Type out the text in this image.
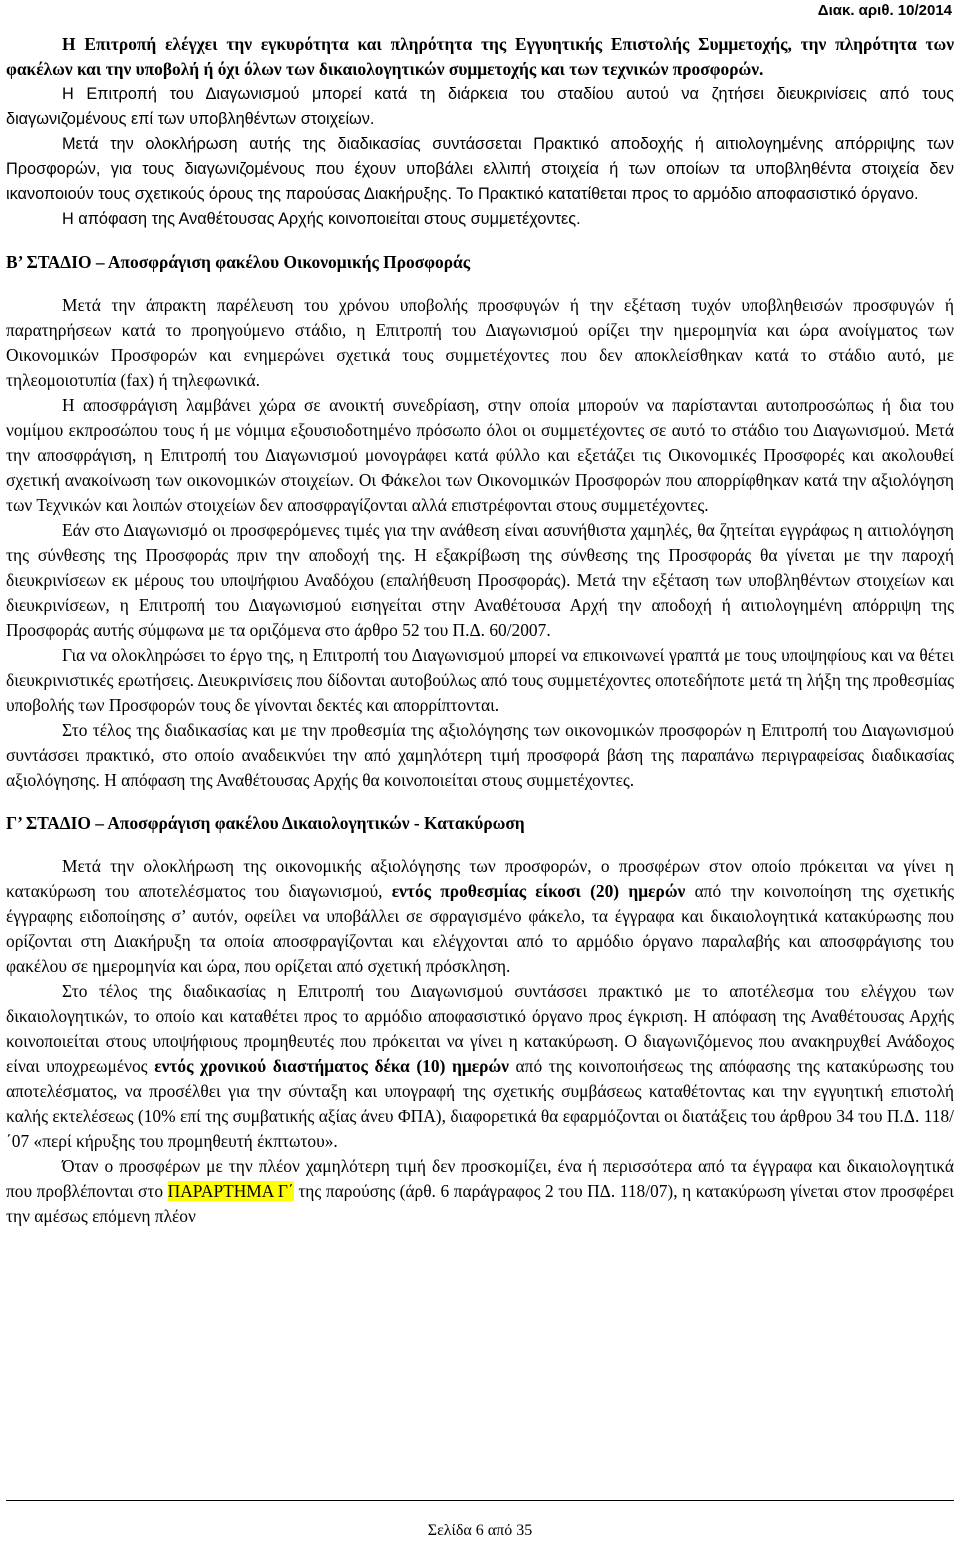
Διακ. αριθ. 10/2014

Η Επιτροπή ελέγχει την εγκυρότητα και πληρότητα της Εγγυητικής Επιστολής Συμμετοχής, την πληρότητα των φακέλων και την υποβολή ή όχι όλων των δικαιολογητικών συμμετοχής και των τεχνικών προσφορών.

Η Επιτροπή του Διαγωνισμού μπορεί κατά τη διάρκεια του σταδίου αυτού να ζητήσει διευκρινίσεις από τους διαγωνιζομένους επί των υποβληθέντων στοιχείων.

Μετά την ολοκλήρωση αυτής της διαδικασίας συντάσσεται Πρακτικό αποδοχής ή αιτιολογημένης απόρριψης των Προσφορών, για τους διαγωνιζομένους που έχουν υποβάλει ελλιπή στοιχεία ή των οποίων τα υποβληθέντα στοιχεία δεν ικανοποιούν τους σχετικούς όρους της παρούσας Διακήρυξης. Το Πρακτικό κατατίθεται προς το αρμόδιο αποφασιστικό όργανο.

Η απόφαση της Αναθέτουσας Αρχής κοινοποιείται στους συμμετέχοντες.

Β’ ΣΤΑΔΙΟ – Αποσφράγιση φακέλου Οικονομικής Προσφοράς

Μετά την άπρακτη παρέλευση του χρόνου υποβολής προσφυγών ή την εξέταση τυχόν υποβληθεισών προσφυγών ή παρατηρήσεων κατά το προηγούμενο στάδιο, η Επιτροπή του Διαγωνισμού ορίζει την ημερομηνία και ώρα ανοίγματος των Οικονομικών Προσφορών και ενημερώνει σχετικά τους συμμετέχοντες που δεν αποκλείσθηκαν κατά το στάδιο αυτό, με τηλεομοιοτυπία (fax) ή τηλεφωνικά.

Η αποσφράγιση λαμβάνει χώρα σε ανοικτή συνεδρίαση, στην οποία μπορούν να παρίστανται αυτοπροσώπως ή δια του νομίμου εκπροσώπου τους ή με νόμιμα εξουσιοδοτημένο πρόσωπο όλοι οι συμμετέχοντες σε αυτό το στάδιο του Διαγωνισμού. Μετά την αποσφράγιση, η Επιτροπή του Διαγωνισμού μονογράφει κατά φύλλο και εξετάζει τις Οικονομικές Προσφορές και ακολουθεί σχετική ανακοίνωση των οικονομικών στοιχείων. Οι Φάκελοι των Οικονομικών Προσφορών που απορρίφθηκαν κατά την αξιολόγηση των Τεχνικών και λοιπών στοιχείων δεν αποσφραγίζονται αλλά επιστρέφονται στους συμμετέχοντες.

Εάν στο Διαγωνισμό οι προσφερόμενες τιμές για την ανάθεση είναι ασυνήθιστα χαμηλές, θα ζητείται εγγράφως η αιτιολόγηση της σύνθεσης της Προσφοράς πριν την αποδοχή της. Η εξακρίβωση της σύνθεσης της Προσφοράς θα γίνεται με την παροχή διευκρινίσεων εκ μέρους του υποψήφιου Αναδόχου (επαλήθευση Προσφοράς). Μετά την εξέταση των υποβληθέντων στοιχείων και διευκρινίσεων, η Επιτροπή του Διαγωνισμού εισηγείται στην Αναθέτουσα Αρχή την αποδοχή ή αιτιολογημένη απόρριψη της Προσφοράς αυτής σύμφωνα με τα οριζόμενα στο άρθρο 52 του Π.Δ. 60/2007.

Για να ολοκληρώσει το έργο της, η Επιτροπή του Διαγωνισμού μπορεί να επικοινωνεί γραπτά με τους υποψηφίους και να θέτει διευκρινιστικές ερωτήσεις. Διευκρινίσεις που δίδονται αυτοβούλως από τους συμμετέχοντες οποτεδήποτε μετά τη λήξη της προθεσμίας υποβολής των Προσφορών τους δε γίνονται δεκτές και απορρίπτονται.

Στο τέλος της διαδικασίας και με την προθεσμία της αξιολόγησης των οικονομικών προσφορών η Επιτροπή του Διαγωνισμού συντάσσει πρακτικό, στο οποίο αναδεικνύει την από χαμηλότερη τιμή προσφορά βάση της παραπάνω περιγραφείσας διαδικασίας αξιολόγησης. Η απόφαση της Αναθέτουσας Αρχής θα κοινοποιείται στους συμμετέχοντες.

Γ’ ΣΤΑΔΙΟ – Αποσφράγιση φακέλου Δικαιολογητικών - Κατακύρωση

Μετά την ολοκλήρωση της οικονομικής αξιολόγησης των προσφορών, ο προσφέρων στον οποίο πρόκειται να γίνει η κατακύρωση του αποτελέσματος του διαγωνισμού, εντός προθεσμίας είκοσι (20) ημερών από την κοινοποίηση της σχετικής έγγραφης ειδοποίησης σ’ αυτόν, οφείλει να υποβάλλει σε σφραγισμένο φάκελο, τα έγγραφα και δικαιολογητικά κατακύρωσης που ορίζονται στη Διακήρυξη τα οποία αποσφραγίζονται και ελέγχονται από το αρμόδιο όργανο παραλαβής και αποσφράγισης του φακέλου σε ημερομηνία και ώρα, που ορίζεται από σχετική πρόσκληση.

Στο τέλος της διαδικασίας η Επιτροπή του Διαγωνισμού συντάσσει πρακτικό με το αποτέλεσμα του ελέγχου των δικαιολογητικών, το οποίο και καταθέτει προς το αρμόδιο αποφασιστικό όργανο προς έγκριση. Η απόφαση της Αναθέτουσας Αρχής κοινοποιείται στους υποψήφιους προμηθευτές που πρόκειται να γίνει η κατακύρωση. Ο διαγωνιζόμενος που ανακηρυχθεί Ανάδοχος είναι υποχρεωμένος εντός χρονικού διαστήματος δέκα (10) ημερών από της κοινοποιήσεως της απόφασης της κατακύρωσης του αποτελέσματος, να προσέλθει για την σύνταξη και υπογραφή της σχετικής συμβάσεως καταθέτοντας και την εγγυητική επιστολή καλής εκτελέσεως (10% επί της συμβατικής αξίας άνευ ΦΠΑ), διαφορετικά θα εφαρμόζονται οι διατάξεις του άρθρου 34 του Π.Δ. 118/΄07 «περί κήρυξης του προμηθευτή έκπτωτου».

Όταν ο προσφέρων με την πλέον χαμηλότερη τιμή δεν προσκομίζει, ένα ή περισσότερα από τα έγγραφα και δικαιολογητικά που προβλέπονται στο ΠΑΡΑΡΤΗΜΑ Γ΄ της παρούσης (άρθ. 6 παράγραφος 2 του ΠΔ. 118/07), η κατακύρωση γίνεται στον προσφέρει την αμέσως επόμενη πλέον

Σελίδα 6 από 35
